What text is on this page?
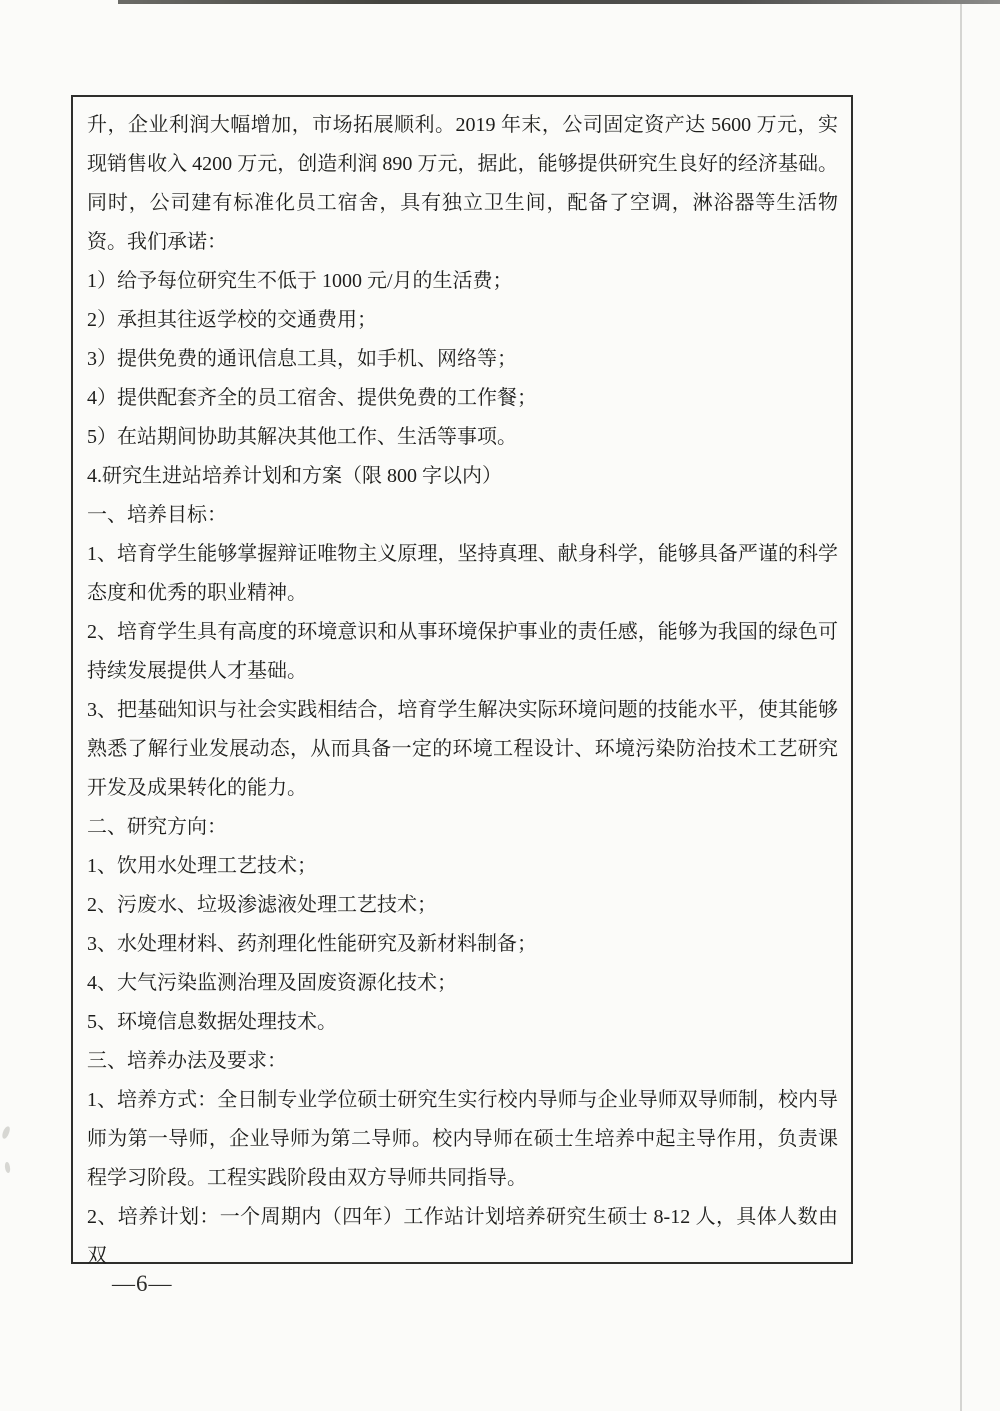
升，企业利润大幅增加，市场拓展顺利。2019 年末，公司固定资产达 5600 万元，实现销售收入 4200 万元，创造利润 890 万元，据此，能够提供研究生良好的经济基础。同时，公司建有标准化员工宿舍，具有独立卫生间，配备了空调，淋浴器等生活物资。我们承诺：

1）给予每位研究生不低于 1000 元/月的生活费；

2）承担其往返学校的交通费用；

3）提供免费的通讯信息工具，如手机、网络等；

4）提供配套齐全的员工宿舍、提供免费的工作餐；

5）在站期间协助其解决其他工作、生活等事项。

4.研究生进站培养计划和方案（限 800 字以内）

一、培养目标：

1、培育学生能够掌握辩证唯物主义原理，坚持真理、献身科学，能够具备严谨的科学态度和优秀的职业精神。

2、培育学生具有高度的环境意识和从事环境保护事业的责任感，能够为我国的绿色可持续发展提供人才基础。

3、把基础知识与社会实践相结合，培育学生解决实际环境问题的技能水平，使其能够熟悉了解行业发展动态，从而具备一定的环境工程设计、环境污染防治技术工艺研究开发及成果转化的能力。

二、研究方向：

1、饮用水处理工艺技术；

2、污废水、垃圾渗滤液处理工艺技术；

3、水处理材料、药剂理化性能研究及新材料制备；

4、大气污染监测治理及固废资源化技术；

5、环境信息数据处理技术。

三、培养办法及要求：

1、培养方式：全日制专业学位硕士研究生实行校内导师与企业导师双导师制，校内导师为第一导师，企业导师为第二导师。校内导师在硕士生培养中起主导作用，负责课程学习阶段。工程实践阶段由双方导师共同指导。

2、培养计划：一个周期内（四年）工作站计划培养研究生硕士 8-12 人，具体人数由双

—6—
